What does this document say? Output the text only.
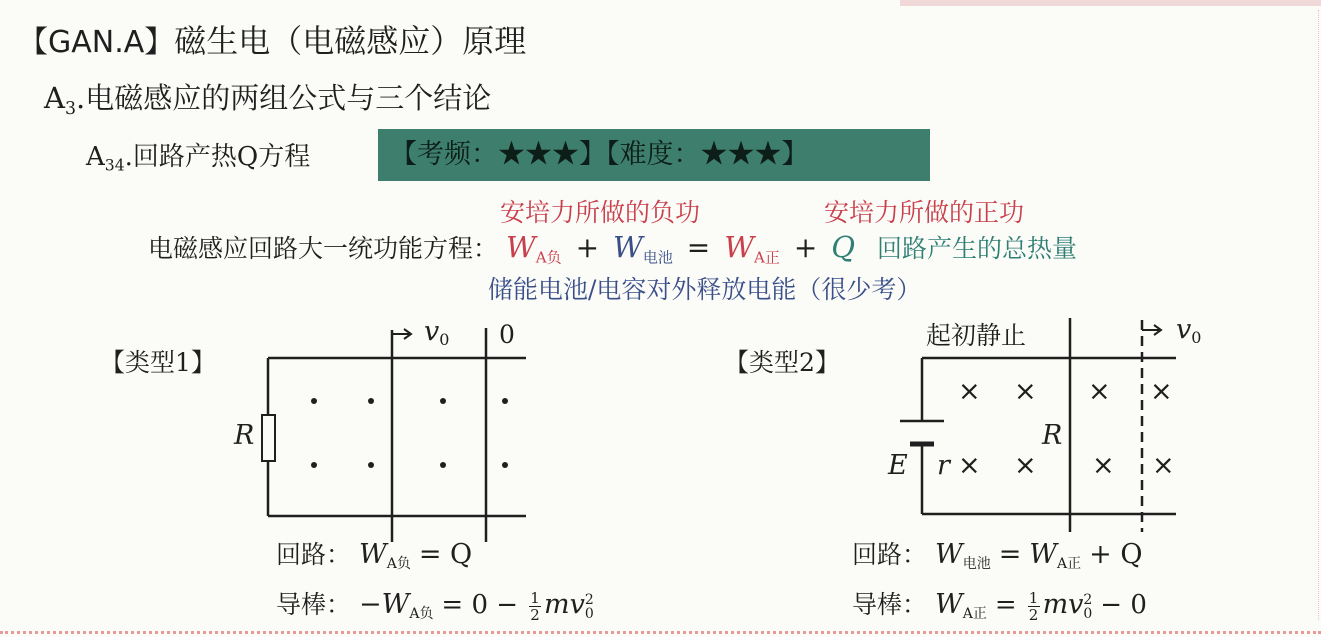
【GAN.A】磁生电（电磁感应）原理
$A_3$.电磁感应的两组公式与三个结论
$A_{34}$.回路产热Q方程	【考频：★★★】【难度：★★★】
安培力所做的负功	安培力所做的正功
电磁感应回路大一统功能方程： $W_{A负} + W_{电池} = W_{A正} + Q$ 回路产生的总热量
储能电池/电容对外释放电能（很少考）
【类型1】
R
v0 0
回路： WA负 = Q
导棒： −WA负 = $0 - \frac{1}{2}$ mv 2
0
【类型2】
起初静止	v0
E r
R
× × × ×
× × × ×
回路： W电池 = WA正 + Q
导棒： WA正 = $\frac{1}{2}$ mv 2
0 − 0
